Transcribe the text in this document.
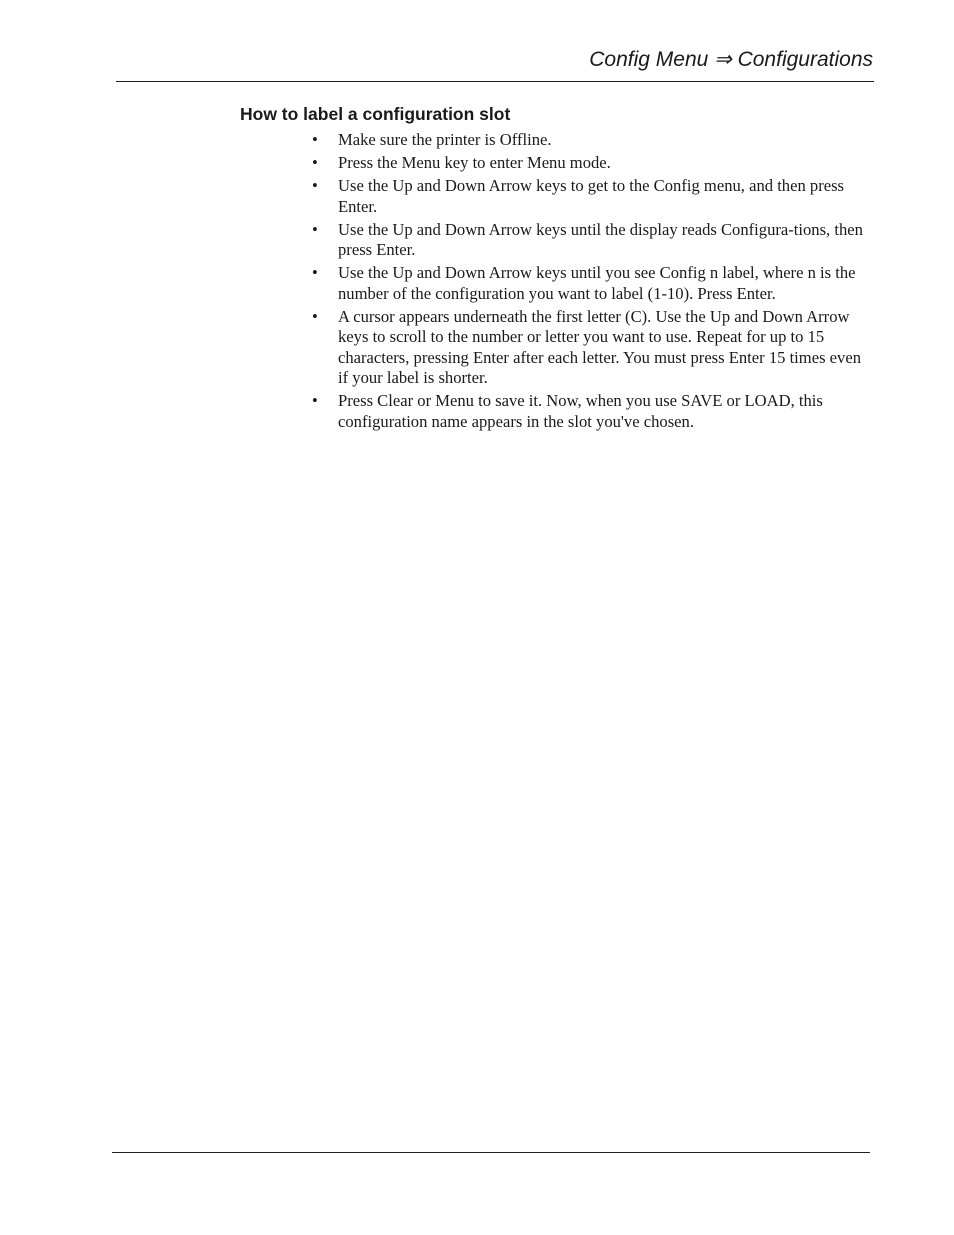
Config Menu ⇒ Configurations
How to label a configuration slot
•	Make sure the printer is Offline.
•	Press the Menu key to enter Menu mode.
•	Use the Up and Down Arrow keys to get to the Config menu, and then press Enter.
•	Use the Up and Down Arrow keys until the display reads Configura-tions, then press Enter.
•	Use the Up and Down Arrow keys until you see Config n label, where n is the number of the configuration you want to label (1-10). Press Enter.
•	A cursor appears underneath the first letter (C). Use the Up and Down Arrow keys to scroll to the number or letter you want to use. Repeat for up to 15 characters, pressing Enter after each letter. You must press Enter 15 times even if your label is shorter.
•	Press Clear or Menu to save it. Now, when you use SAVE or LOAD, this configuration name appears in the slot you've chosen.
